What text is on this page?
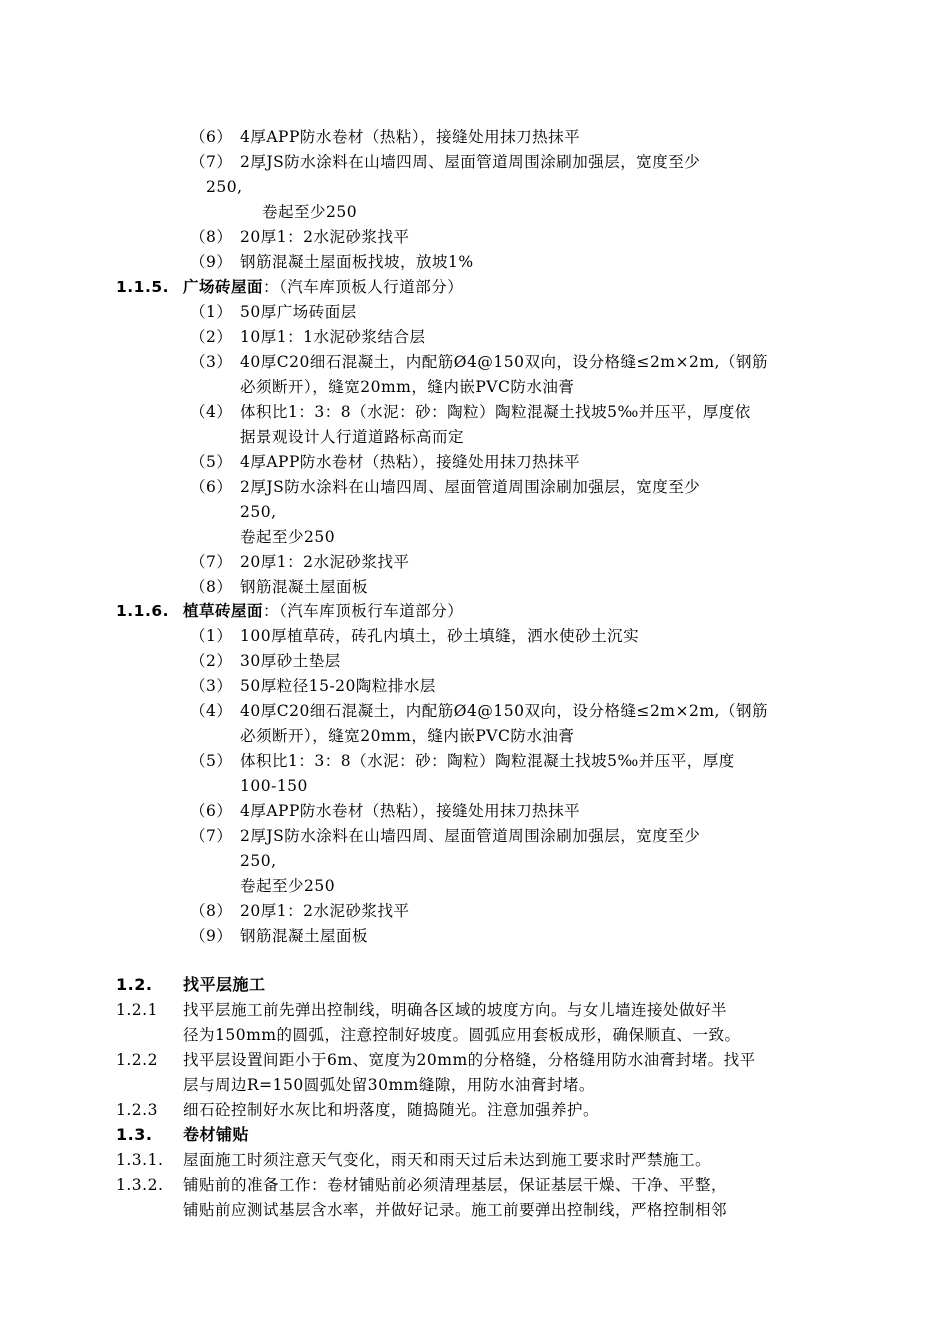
（6） 4厚APP防水卷材（热粘），接缝处用抹刀热抹平
（7） 2厚JS防水涂料在山墙四周、屋面管道周围涂刷加强层，宽度至少
250,
卷起至少250
（8） 20厚1：2水泥砂浆找平
（9） 钢筋混凝土屋面板找坡，放坡1%
1.1.5. 广场砖屋面：（汽车库顶板人行道部分）
（1） 50厚广场砖面层
（2） 10厚1：1水泥砂浆结合层
（3） 40厚C20细石混凝土，内配筋Ø4@150双向，设分格缝≤2m×2m,（钢筋
必须断开），缝宽20mm，缝内嵌PVC防水油膏
（4） 体积比1：3：8（水泥：砂：陶粒）陶粒混凝土找坡5‰并压平，厚度依
据景观设计人行道道路标高而定
（5） 4厚APP防水卷材（热粘），接缝处用抹刀热抹平
（6） 2厚JS防水涂料在山墙四周、屋面管道周围涂刷加强层，宽度至少
250,
卷起至少250
（7） 20厚1：2水泥砂浆找平
（8） 钢筋混凝土屋面板
1.1.6. 植草砖屋面：（汽车库顶板行车道部分）
（1） 100厚植草砖，砖孔内填土，砂土填缝，洒水使砂土沉实
（2） 30厚砂土垫层
（3） 50厚粒径15-20陶粒排水层
（4） 40厚C20细石混凝土，内配筋Ø4@150双向，设分格缝≤2m×2m,（钢筋
必须断开），缝宽20mm，缝内嵌PVC防水油膏
（5） 体积比1：3：8（水泥：砂：陶粒）陶粒混凝土找坡5‰并压平，厚度
100-150
（6） 4厚APP防水卷材（热粘），接缝处用抹刀热抹平
（7） 2厚JS防水涂料在山墙四周、屋面管道周围涂刷加强层，宽度至少
250,
卷起至少250
（8） 20厚1：2水泥砂浆找平
（9） 钢筋混凝土屋面板
1.2. 找平层施工
1.2.1 找平层施工前先弹出控制线，明确各区域的坡度方向。与女儿墙连接处做好半
径为150mm的圆弧，注意控制好坡度。圆弧应用套板成形，确保顺直、一致。
1.2.2 找平层设置间距小于6m、宽度为20mm的分格缝，分格缝用防水油膏封堵。找平
层与周边R=150圆弧处留30mm缝隙，用防水油膏封堵。
1.2.3 细石砼控制好水灰比和坍落度，随捣随光。注意加强养护。
1.3. 卷材铺贴
1.3.1. 屋面施工时须注意天气变化，雨天和雨天过后未达到施工要求时严禁施工。
1.3.2. 铺贴前的准备工作：卷材铺贴前必须清理基层，保证基层干燥、干净、平整，
铺贴前应测试基层含水率，并做好记录。施工前要弹出控制线，严格控制相邻
